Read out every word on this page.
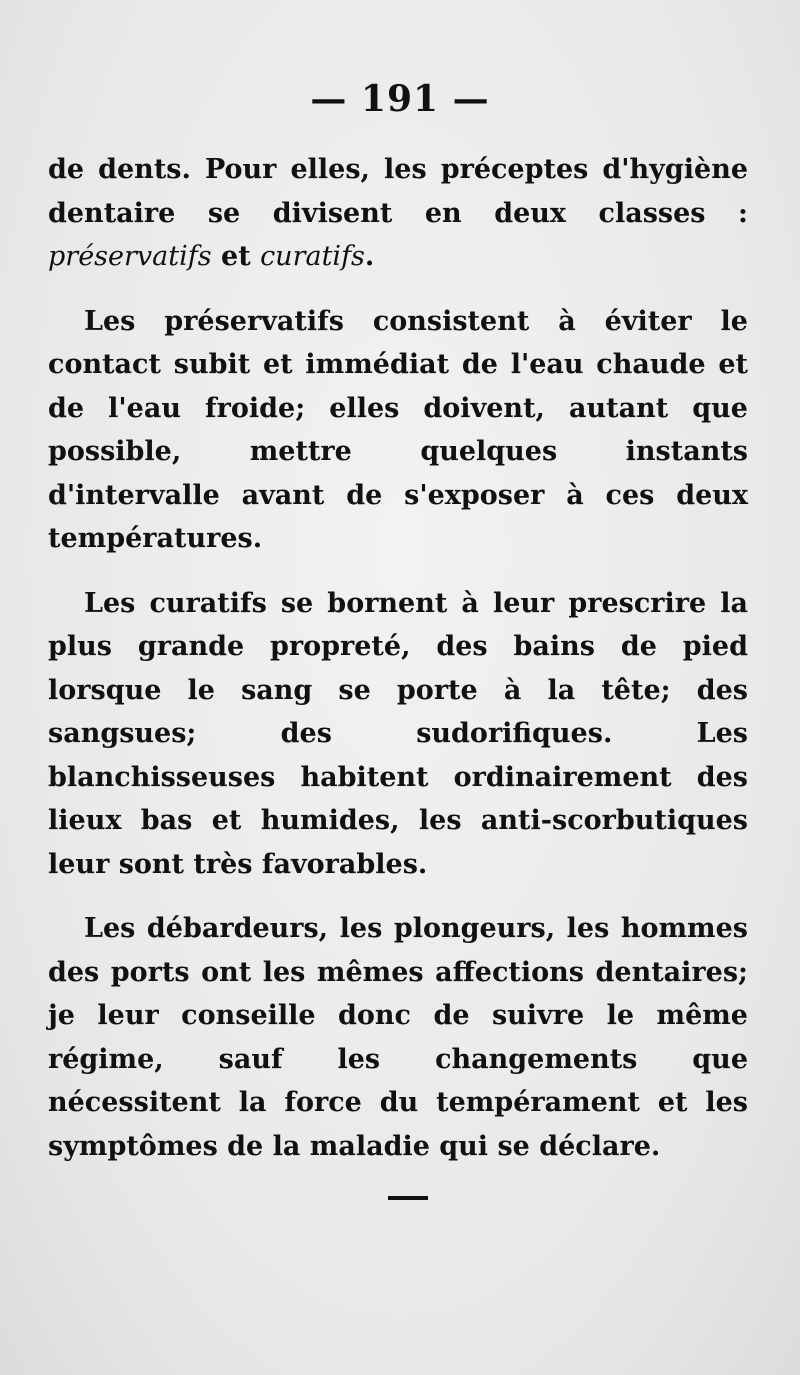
— 191 —

de dents. Pour elles, les préceptes d'hygiène dentaire se divisent en deux classes : préservatifs et curatifs.

Les préservatifs consistent à éviter le contact subit et immédiat de l'eau chaude et de l'eau froide; elles doivent, autant que possible, mettre quelques instants d'intervalle avant de s'exposer à ces deux températures.

Les curatifs se bornent à leur prescrire la plus grande propreté, des bains de pied lorsque le sang se porte à la tête; des sangsues; des sudorifiques. Les blanchisseuses habitent ordinairement des lieux bas et humides, les anti-scorbutiques leur sont très favorables.

Les débardeurs, les plongeurs, les hommes des ports ont les mêmes affections dentaires; je leur conseille donc de suivre le même régime, sauf les changements que nécessitent la force du tempérament et les symptômes de la maladie qui se déclare.
